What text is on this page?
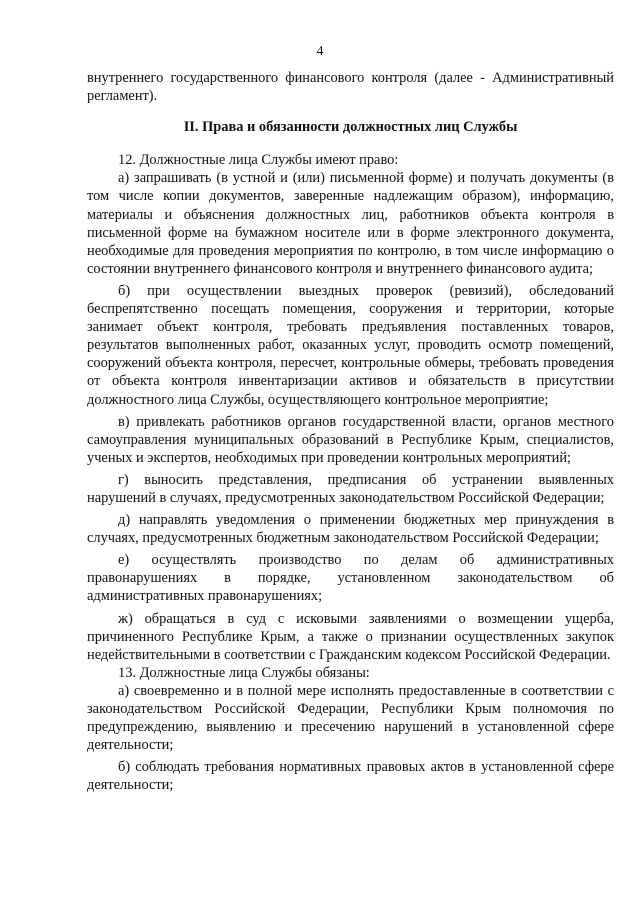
4

внутреннего государственного финансового контроля (далее - Административный регламент).

II. Права и обязанности должностных лиц Службы

12. Должностные лица Службы имеют право:

а) запрашивать (в устной и (или) письменной форме) и получать документы (в том числе копии документов, заверенные надлежащим образом), информацию, материалы и объяснения должностных лиц, работников объекта контроля в письменной форме на бумажном носителе или в форме электронного документа, необходимые для проведения мероприятия по контролю, в том числе информацию о состоянии внутреннего финансового контроля и внутреннего финансового аудита;

б) при осуществлении выездных проверок (ревизий), обследований беспрепятственно посещать помещения, сооружения и территории, которые занимает объект контроля, требовать предъявления поставленных товаров, результатов выполненных работ, оказанных услуг, проводить осмотр помещений, сооружений объекта контроля, пересчет, контрольные обмеры, требовать проведения от объекта контроля инвентаризации активов и обязательств в присутствии должностного лица Службы, осуществляющего контрольное мероприятие;

в) привлекать работников органов государственной власти, органов местного самоуправления муниципальных образований в Республике Крым, специалистов, ученых и экспертов, необходимых при проведении контрольных мероприятий;

г) выносить представления, предписания об устранении выявленных нарушений в случаях, предусмотренных законодательством Российской Федерации;

д) направлять уведомления о применении бюджетных мер принуждения в случаях, предусмотренных бюджетным законодательством Российской Федерации;

е) осуществлять производство по делам об административных правонарушениях в порядке, установленном законодательством об административных правонарушениях;

ж) обращаться в суд с исковыми заявлениями о возмещении ущерба, причиненного Республике Крым, а также о признании осуществленных закупок недействительными в соответствии с Гражданским кодексом Российской Федерации.

13. Должностные лица Службы обязаны:

а) своевременно и в полной мере исполнять предоставленные в соответствии с законодательством Российской Федерации, Республики Крым полномочия по предупреждению, выявлению и пресечению нарушений в установленной сфере деятельности;

б) соблюдать требования нормативных правовых актов в установленной сфере деятельности;
